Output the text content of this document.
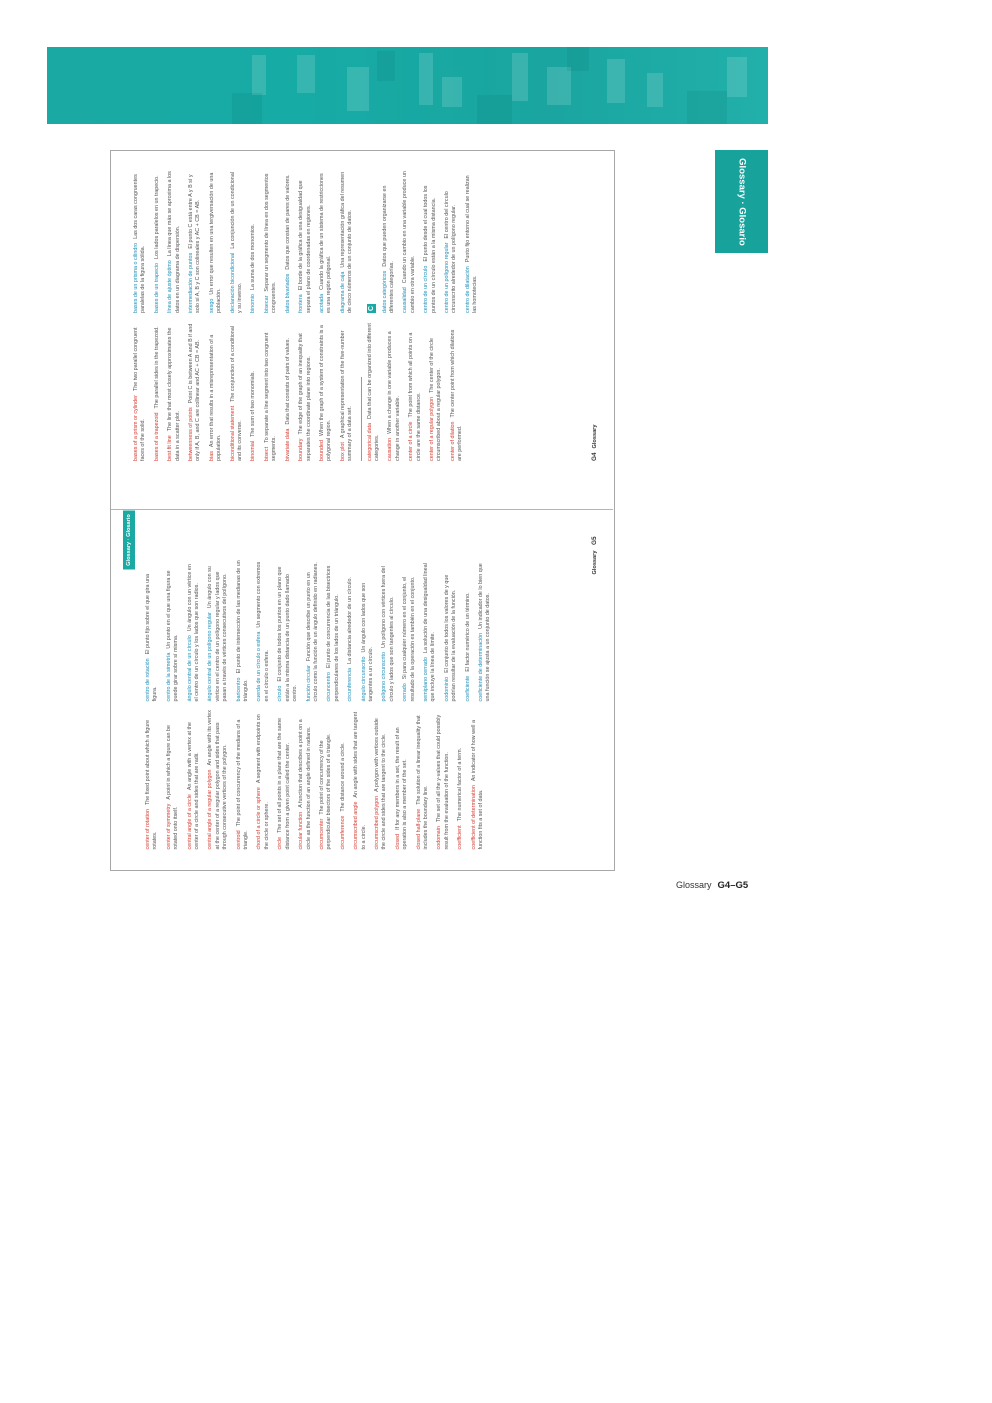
bases of a prism or cylinderThe two parallel congruent faces of the solid. bases of a trapezoidThe parallel sides in the trapezoid.
best fit lineThe line that most closely approximates the data in a scatter plot. betweenness of pointsPoint C is between A and B if and only if A, B, and C are collinear and AC + CB = AB. biasAn error that results in a misrepresentation of a population. biconditional statementThe conjunction of a conditional and its converse. binomialThe sum of two monomials.
bisectTo separate a line segment into two congruent segments. bivariate dataData that consists of pairs of values.
boundaryThe edge of the graph of an inequality that separates the coordinate plane into regions. boundedWhen the graph of a system of constraints is a polygonal region. box plotA graphical representation of the five-number summary of a data set. categorical dataData that can be organized into different categories. causationWhen a change in one variable produces a change in another variable. center of a circleThe point from which all points on a circle are the same distance. center of a regular polygonThe center of the circle circumscribed about a regular polygon. center of dilationThe center point from which dilations are performed.
bases de un prisma o cilindroLas dos caras congruentes paralelas de la figura sólida. bases de un trapecioLos lados paralelos en un trapecio.
línea de ajuste óptimoLa línea que más se aproxima a los datos en un diagrama de dispersión. intermediación de puntosEl punto C está entre A y B sí y solo sí A, B y C son colineales y AC + CB = AB. sesgoUn error que resulten en una tergiversación de una población. declaración bicondicionalLa conjunción de un condicional y su inverso. binomioLa suma de dos monomios.
bisecarSeparar un segmento de línea en dos segmentos congruentes. datos bivariadosDatos que constan de pares de valores.
fronteraEl borde de la gráfica de una desigualdad que separa el plano de coordenadas en regiones. acotadaCuando la gráfica de un sistema de restricciones es una región poligonal. diagrama de cajaUna representación gráfica del resumen de cinco números de un conjunto de datos. C datos categóricosDatos que pueden organizarse en diferentes categorías. causalidadCuando un cambio en una variable produce un cambio en otra variable. centro de un círculoEl punto desde el cual todos los puntos de un círculo están a la misma distancia. centro de un polígono regularEl centro del círculo circunscrito alrededor de un polígono regular. centro de dilataciónPunto fijo entorno al cual se realizan las homotecias.
G4Glossary
Glossary · Glosario
center of rotationThe fixed point about which a figure rotates. center of symmetryA point in which a figure can be rotated onto itself. central angle of a circleAn angle with a vertex at the center of a circle and sides that are radii. central angle of a regular polygonAn angle with its vertex at the center of a regular polygon and sides that pass through consecutive vertices of the polygon. centroidThe point of concurrency of the medians of a triangle. chord of a circle or sphereA segment with endpoints on the circle or sphere. circleThe set of all points in a plane that are the same distance from a given point called the center. circular functionA function that describes a point on a circle as the function of an angle defined in radians. circumcenterThe point of concurrency of the perpendicular bisectors of the sides of a triangle. circumferenceThe distance around a circle.
circumscribed angleAn angle with sides that are tangent to a circle. circumscribed polygonA polygon with vertices outside the circle and sides that are tangent to the circle. closedIf for any members in a set, the result of an operation is also a member of the set. closed half-planeThe solution of a linear inequality that includes the boundary line. codomainThe set of all the y-values that could possibly result from the evaluation of the function. coefficientThe numerical factor of a term. coefficient of determinationAn indicator of how well a function fits a set of data.
centro de rotaciónEl punto fijo sobre el que gira una figura. centro de la simetríaUn punto en el que una figura se puede girar sobre sí misma. ángulo central de un círculoUn ángulo con un vértice en el centro de un círculo y los lados que son radios. ángulo central de un polígono regularUn ángulo con su vértice en el centro de un polígono regular y lados que pasan a través de vértices consecutivos del polígono. baricentroEl punto de intersección de las medianas de un triángulo. cuerda de un círculo o esferaUn segmento con extremos en el círculo o esfera. círculoEl conjunto de todos los puntos en un plano que están a la misma distancia de un punto dado llamado centro. función circularFunción que describe un punto en un círculo como la función de un ángulo definido en radianes. circuncentroEl punto de concurrencia de las bisectrices perpendiculares de los lados de un triángulo. circunferenciaLa distancia alrededor de un círculo.
ángulo circunscritoUn ángulo con lados que son tangentes a un círculo. polígono circunscritoUn polígono con vértices fuera del círculo y lados que son tangentes al círculo. cerradoSi para cualquier número en el conjunto, el resultado de la operación es también en el conjunto. semiplano cerradoLa solución de una desigualdad lineal que incluye la línea de límite. codominioEl conjunto de todos los valores de y que podrían resultar de la evaluación de la función. coeficienteEl factor numérico de un término. coeficiente de determinaciónUn indicador de lo bien que una función se ajusta a un conjunto de datos.
Glossary G5
Glossary · Glosario
Glossary G4–G5
